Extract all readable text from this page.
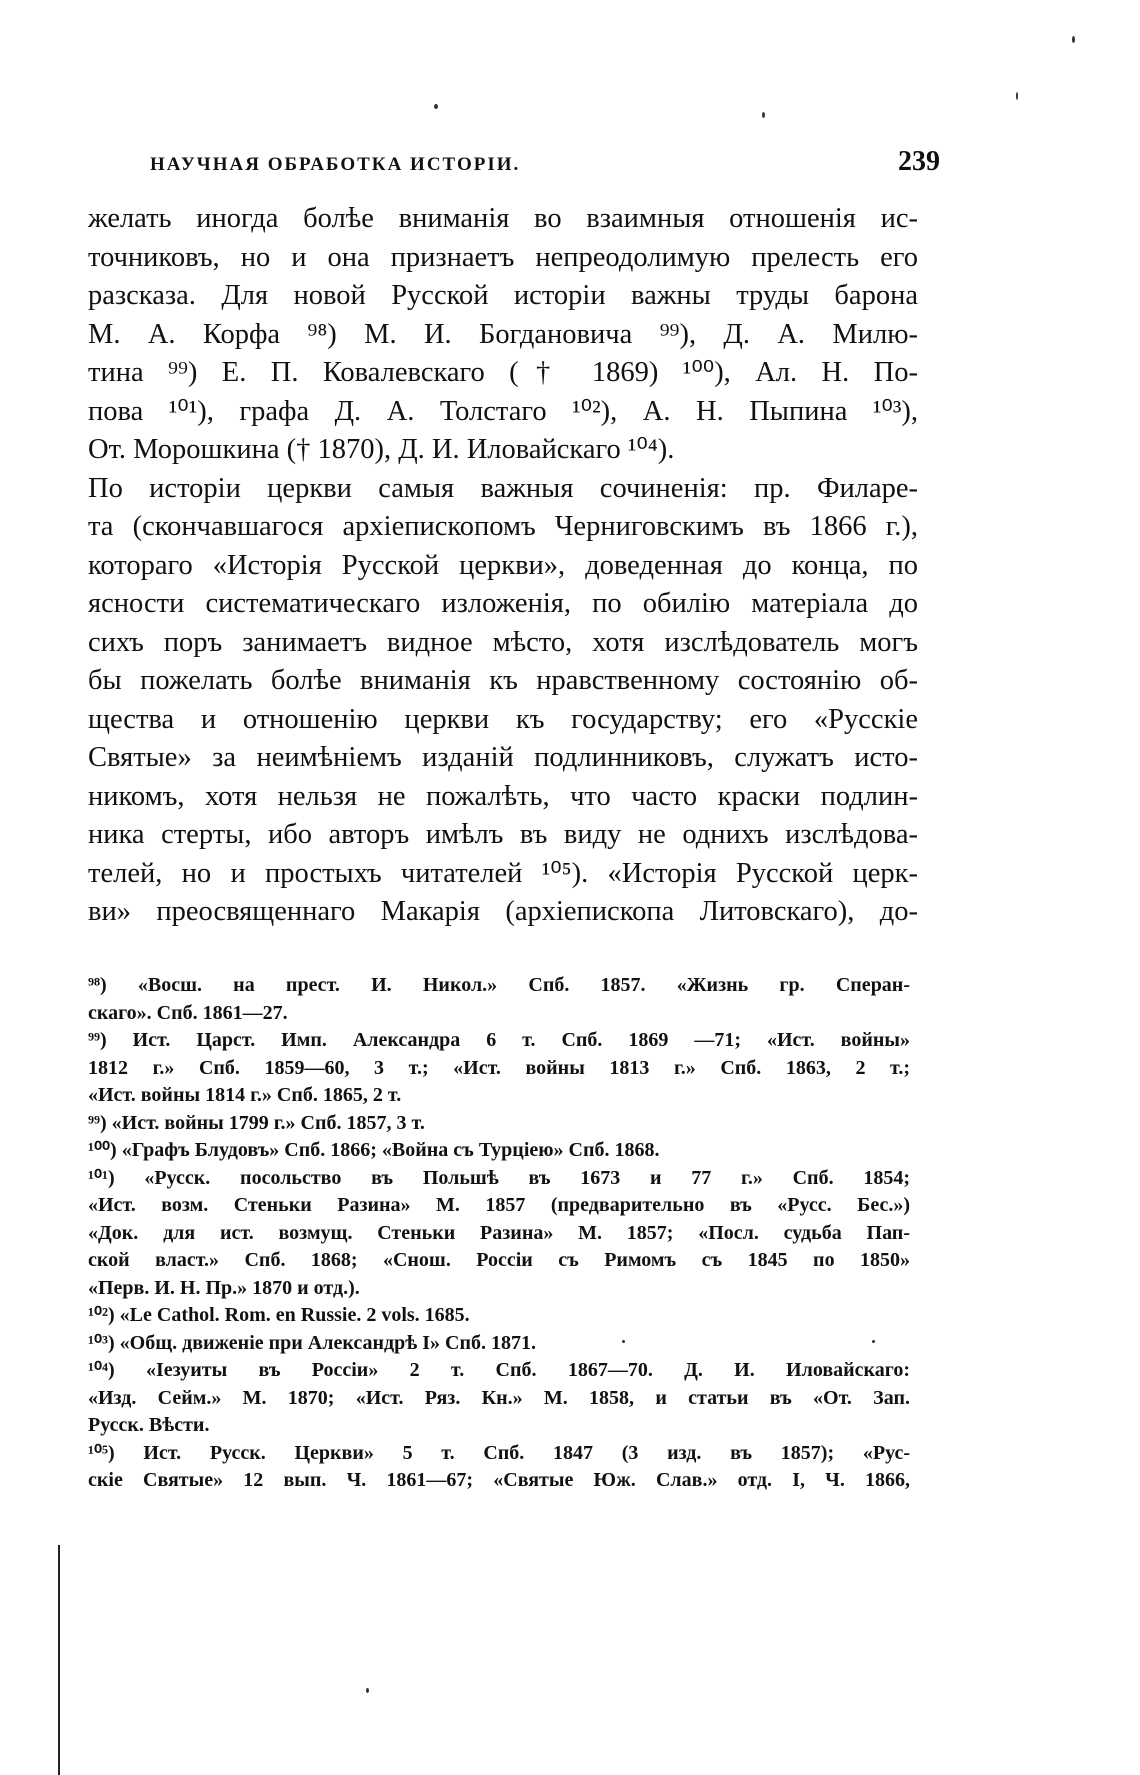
НАУЧНАЯ ОБРАБОТКА ИСТОРІИ.	239
желать иногда болѣе вниманія во взаимныя отношенія ис-
точниковъ, но и она признаетъ непреодолимую прелесть его
разсказа. Для новой Русской исторіи важны труды барона
М. А. Корфа ⁹⁸) М. И. Богдановича ⁹⁹), Д. А. Милю-
тина ⁹⁹) Е. П. Ковалевскаго († 1869) ¹⁰⁰), Ал. Н. По-
пова ¹⁰¹), графа Д. А. Толстаго ¹⁰²), А. Н. Пыпина ¹⁰³),
От. Морошкина († 1870), Д. И. Иловайскаго ¹⁰⁴).
По исторіи церкви самыя важныя сочиненія: пр. Филаре-
та (скончавшагося архіепископомъ Черниговскимъ въ 1866 г.),
котораго «Исторія Русской церкви», доведенная до конца, по
ясности систематическаго изложенія, по обилію матеріала до
сихъ поръ занимаетъ видное мѣсто, хотя изслѣдователь могъ
бы пожелать болѣе вниманія къ нравственному состоянію об-
щества и отношенію церкви къ государству; его «Русскіе
Святые» за неимѣніемъ изданій подлинниковъ, служатъ исто-
никомъ, хотя нельзя не пожалѣть, что часто краски подлин-
ника стерты, ибо авторъ имѣлъ въ виду не однихъ изслѣдова-
телей, но и простыхъ читателей ¹⁰⁵). «Исторія Русской церк-
ви» преосвященнаго Макарія (архіепископа Литовскаго), до-
⁹⁸) «Восш. на прест. И. Никол.» Спб. 1857. «Жизнь гр. Сперан-
скаго». Спб. 1861—27.
⁹⁹) Ист. Царст. Имп. Александра 6 т. Спб. 1869 —71; «Ист. войны»
1812 г.» Спб. 1859—60, 3 т.; «Ист. войны 1813 г.» Спб. 1863, 2 т.;
«Ист. войны 1814 г.» Спб. 1865, 2 т.
⁹⁹) «Ист. войны 1799 г.» Спб. 1857, 3 т.
¹⁰⁰) «Графъ Блудовъ» Спб. 1866; «Война съ Турціею» Спб. 1868.
¹⁰¹) «Русск. посольство въ Польшѣ въ 1673 и 77 г.» Спб. 1854;
«Ист. возм. Стеньки Разина» М. 1857 (предварительно въ «Русс. Бес.»)
«Док. для ист. возмущ. Стеньки Разина» М. 1857; «Посл. судьба Пап-
ской власт.» Спб. 1868; «Снош. Россіи съ Римомъ съ 1845 по 1850»
«Перв. И. Н. Пр.» 1870 и отд.).
¹⁰²) «Le Cathol. Rom. en Russie. 2 vols. 1685.
¹⁰³) «Общ. движеніе при Александрѣ I» Спб. 1871.
¹⁰⁴) «Іезуиты въ Россіи» 2 т. Спб. 1867—70. Д. И. Иловайскаго:
«Изд. Сейм.» М. 1870; «Ист. Ряз. Кн.» М. 1858, и статьи въ «От. Зап.
Русск. Вѣсти.
¹⁰⁵) Ист. Русск. Церкви» 5 т. Спб. 1847 (3 изд. въ 1857); «Рус-
скіе Святые» 12 вып. Ч. 1861—67; «Святые Юж. Слав.» отд. I, Ч. 1866,
